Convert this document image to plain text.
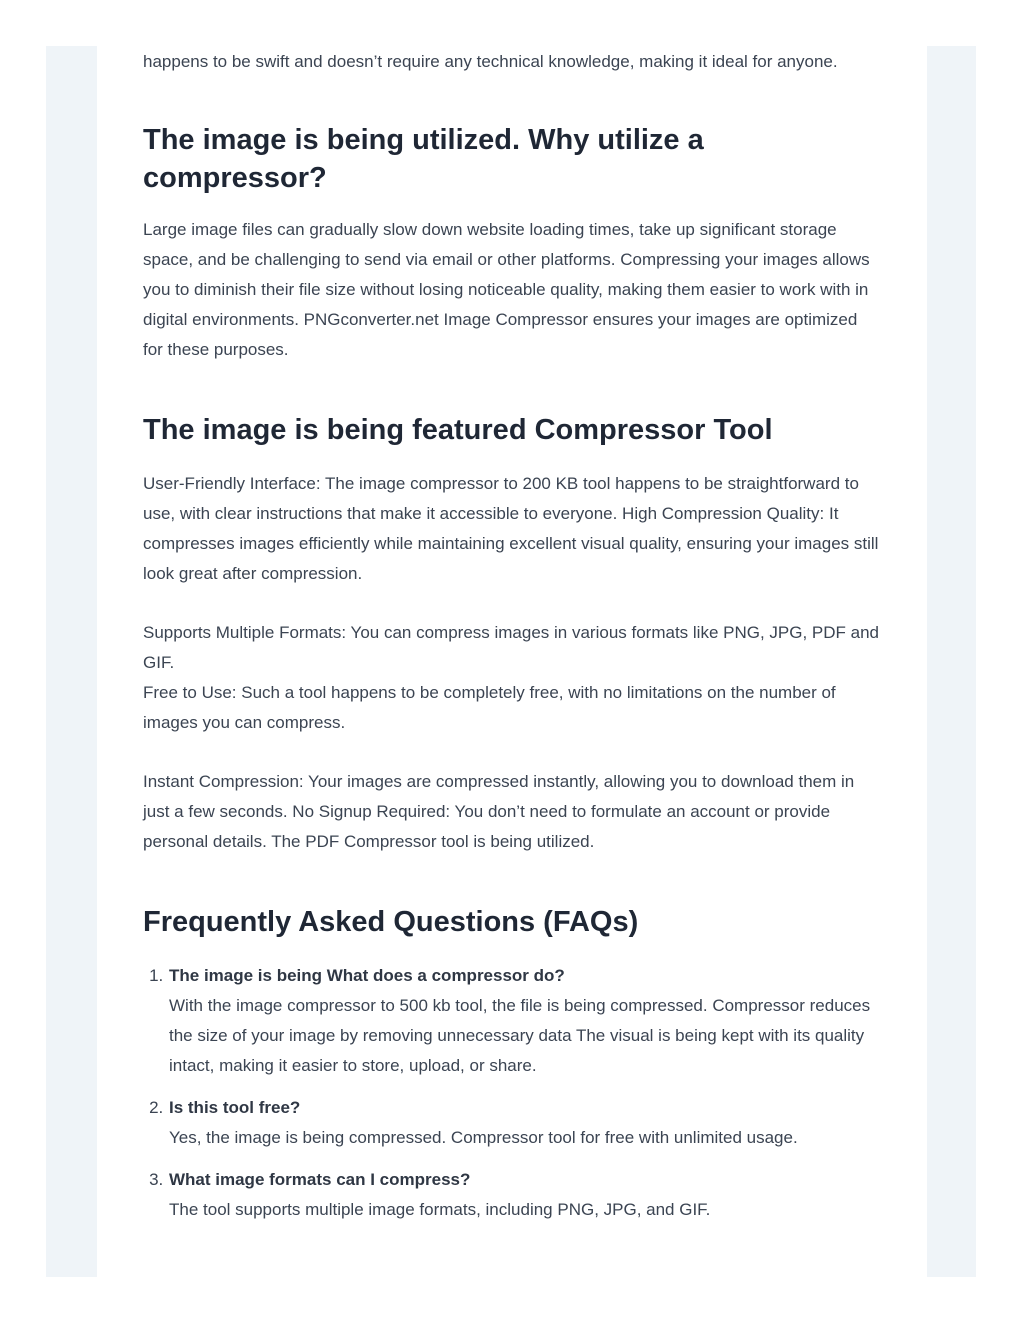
happens to be swift and doesn’t require any technical knowledge, making it ideal for anyone.

The image is being utilized. Why utilize a compressor?

Large image files can gradually slow down website loading times, take up significant storage space, and be challenging to send via email or other platforms. Compressing your images allows you to diminish their file size without losing noticeable quality, making them easier to work with in digital environments. PNGconverter.net Image Compressor ensures your images are optimized for these purposes.

The image is being featured Compressor Tool

User-Friendly Interface: The image compressor to 200 KB tool happens to be straightforward to use, with clear instructions that make it accessible to everyone. High Compression Quality: It compresses images efficiently while maintaining excellent visual quality, ensuring your images still look great after compression.

Supports Multiple Formats: You can compress images in various formats like PNG, JPG, PDF and GIF.

Free to Use: Such a tool happens to be completely free, with no limitations on the number of images you can compress.

Instant Compression: Your images are compressed instantly, allowing you to download them in just a few seconds. No Signup Required: You don’t need to formulate an account or provide personal details. The PDF Compressor tool is being utilized.

Frequently Asked Questions (FAQs)
1. The image is being What does a compressor do?
With the image compressor to 500 kb tool, the file is being compressed. Compressor reduces the size of your image by removing unnecessary data The visual is being kept with its quality intact, making it easier to store, upload, or share.
2. Is this tool free?
Yes, the image is being compressed. Compressor tool for free with unlimited usage.
3. What image formats can I compress?
The tool supports multiple image formats, including PNG, JPG, and GIF.
